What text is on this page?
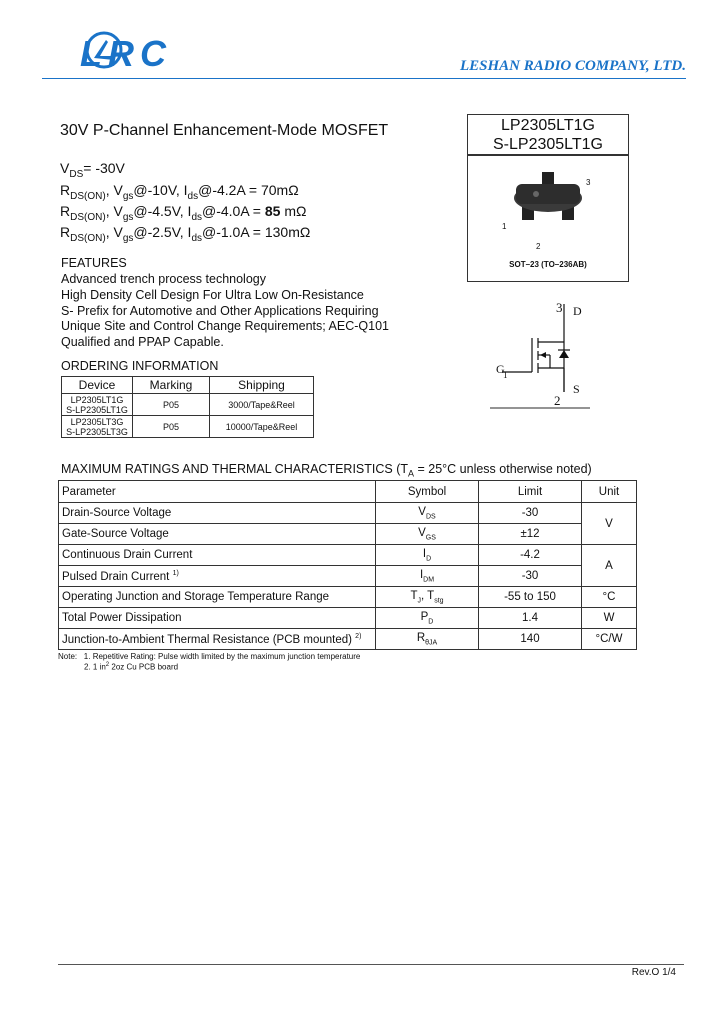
LRC	LESHAN RADIO COMPANY, LTD.
30V P-Channel Enhancement-Mode MOSFET	LP2305LT1G
S-LP2305LT1G
3
1
2
SOT–23 (TO–236AB)
$V_{DS}= -30V$
$R_{DS(ON)}$, $V_{gs}@-10V$, $I_{ds}@-4.2A = 70m\Omega$
$R_{DS(ON)}$, $V_{gs}@-4.5V$, $I_{ds}@-4.0A = 85$ mΩ
$R_{DS(ON)}$, $V_{gs}@-2.5V$, $I_{ds}@-1.0A = 130m\Omega$
FEATURES
Advanced trench process technology
High Density Cell Design For Ultra Low On-Resistance
S- Prefix for Automotive and Other Applications Requiring
Unique Site and Control Change Requirements; AEC-Q101
Qualified and PPAP Capable.
3 D
G
1
S
2
ORDERING INFORMATION
Device	Marking	Shipping

LP2305LT1G
S-LP2305LT1G	P05	3000/Tape&Reel

LP2305LT3G
S-LP2305LT3G	P05	10000/Tape&Reel
MAXIMUM RATINGS AND THERMAL CHARACTERISTICS ($T_A = 25^\circ C$ unless otherwise noted)
Parameter	Symbol	Limit	Unit
Drain-Source Voltage	$V_{DS}$	-30	V
Gate-Source Voltage	$V_{GS}$	±12	
Continuous Drain Current	$I_D$	-4.2	A
Pulsed Drain Current $^{1)}$	$I_{DM}$	-30	
Operating Junction and Storage Temperature Range	$T_J$, $T_{stg}$	-55 to 150	°C
Total Power Dissipation	$P_D$	1.4	W
Junction-to-Ambient Thermal Resistance (PCB mounted) $^{2)}$	$R_{\theta JA}$	140	°C/W
Note: 1. Repetitive Rating: Pulse width limited by the maximum junction temperature
2. 1 $in^2$ 2oz Cu PCB board
Rev.O 1/4
